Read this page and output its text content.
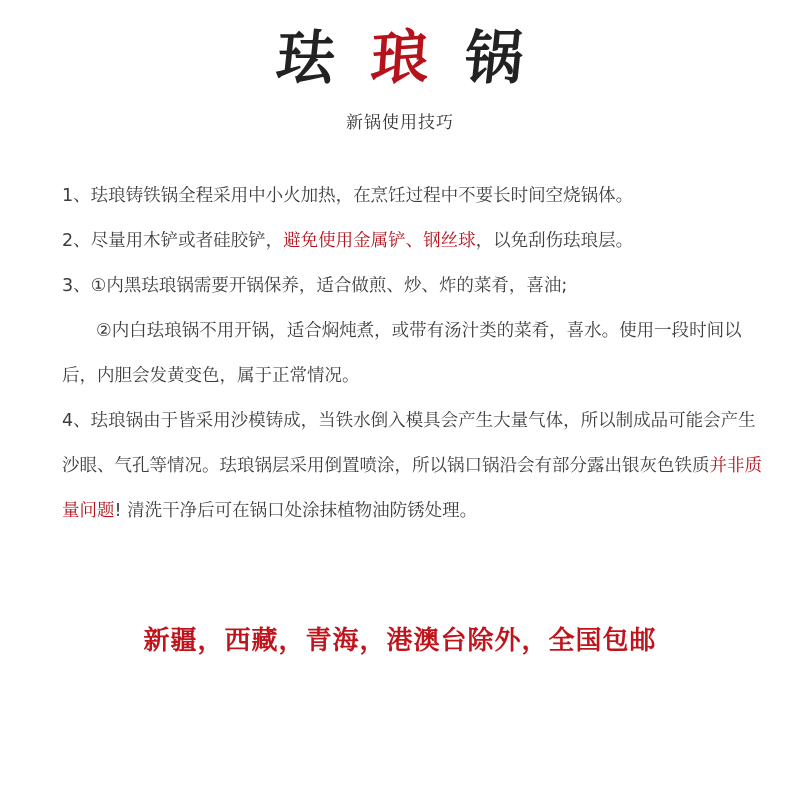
珐 琅 锅
新锅使用技巧

1、珐琅铸铁锅全程采用中小火加热，在烹饪过程中不要长时间空烧锅体。

2、尽量用木铲或者硅胶铲，避免使用金属铲、钢丝球，以免刮伤珐琅层。

3、①内黑珐琅锅需要开锅保养，适合做煎、炒、炸的菜肴，喜油;

②内白珐琅锅不用开锅，适合焖炖煮，或带有汤汁类的菜肴，喜水。使用一段时间以后，内胆会发黄变色，属于正常情况。

4、珐琅锅由于皆采用沙模铸成，当铁水倒入模具会产生大量气体，所以制成品可能会产生沙眼、气孔等情况。珐琅锅层采用倒置喷涂，所以锅口锅沿会有部分露出银灰色铁质并非质量问题! 清洗干净后可在锅口处涂抹植物油防锈处理。

新疆，西藏，青海，港澳台除外，全国包邮
